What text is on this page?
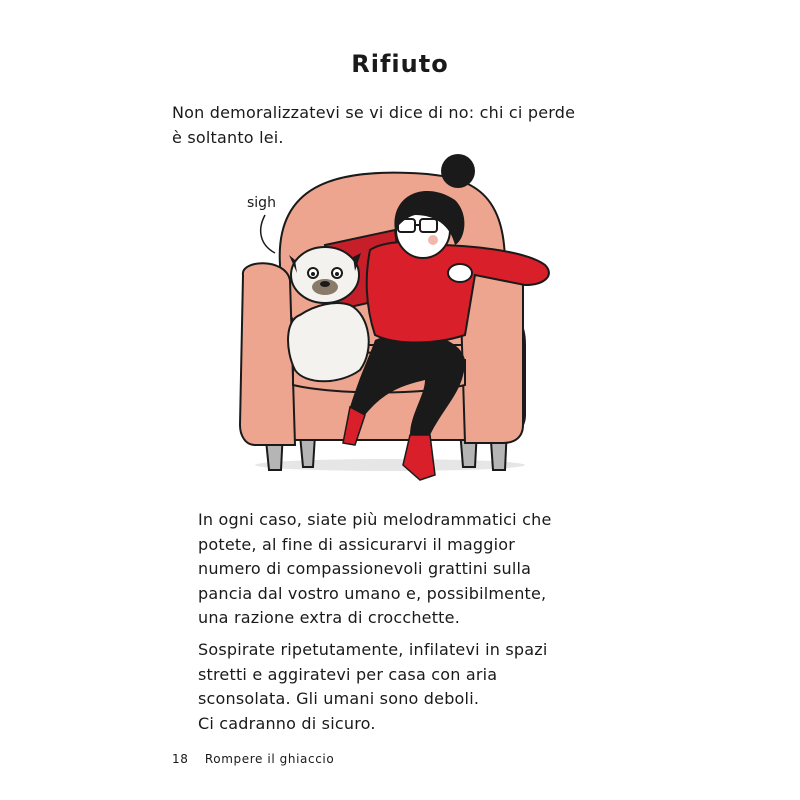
Rifiuto
Non demoralizzatevi se vi dice di no: chi ci perde
è soltanto lei.
sigh
In ogni caso, siate più melodrammatici che
potete, al fine di assicurarvi il maggior
numero di compassionevoli grattini sulla
pancia dal vostro umano e, possibilmente,
una razione extra di crocchette.
Sospirate ripetutamente, infilatevi in spazi
stretti e aggiratevi per casa con aria
sconsolata. Gli umani sono deboli.
Ci cadranno di sicuro.
18 Rompere il ghiaccio
